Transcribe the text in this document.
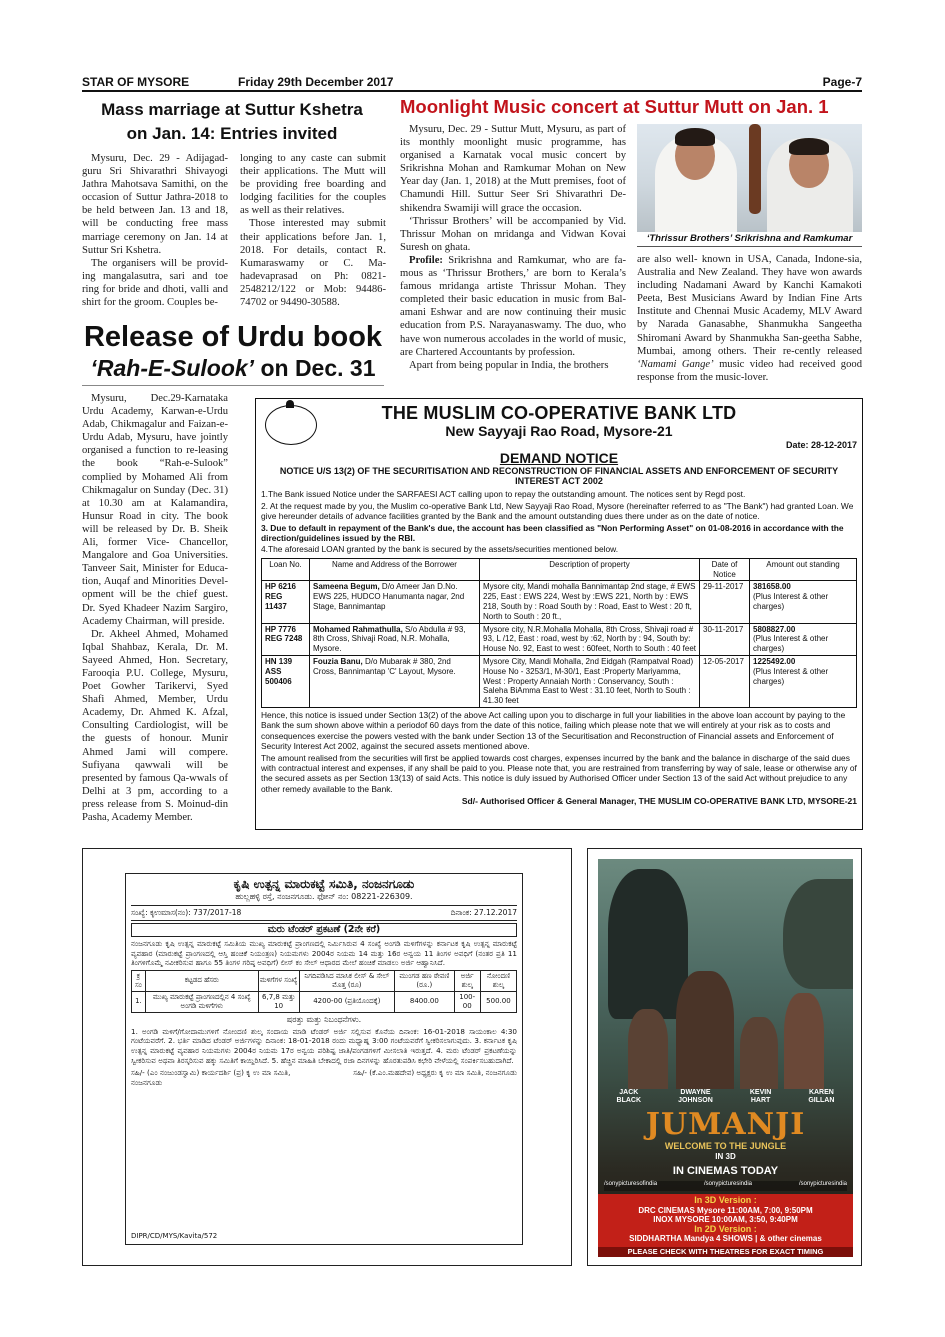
STAR OF MYSORE	Friday 29th December 2017	Page-7
Mass marriage at Suttur Kshetra
on Jan. 14: Entries invited

Mysuru, Dec. 29 - Adijagad-guru Sri Shivarathri Shivayogi Jathra Mahotsava Samithi, on the occasion of Suttur Jathra-2018 to be held between Jan. 13 and 18, will be conducting free mass marriage ceremony on Jan. 14 at Suttur Sri Kshetra.

The organisers will be provid-ing mangalasutra, sari and toe ring for bride and dhoti, valli and shirt for the groom. Couples be-

longing to any caste can submit their applications. The Mutt will be providing free boarding and lodging facilities for the couples as well as their relatives.

Those interested may submit their applications before Jan. 1, 2018. For details, contact R. Kumaraswamy or C. Ma-hadevaprasad on Ph: 0821-2548212/122 or Mob: 94486-74702 or 94490-30588.

Release of Urdu book
‘Rah-E-Sulook’ on Dec. 31

Mysuru, Dec.29-Karnataka Urdu Academy, Karwan-e-Urdu Adab, Chikmagalur and Faizan-e-Urdu Adab, Mysuru, have jointly organised a function to re-leasing the book “Rah-e-Sulook” complied by Mohamed Ali from Chikmagalur on Sunday (Dec. 31) at 10.30 am at Kalamandira, Hunsur Road in city. The book will be released by Dr. B. Sheik Ali, former Vice- Chancellor, Mangalore and Goa Universities. Tanveer Sait, Minister for Educa-tion, Auqaf and Minorities Devel-opment will be the chief guest. Dr. Syed Khadeer Nazim Sargiro, Academy Chairman, will preside.

Dr. Akheel Ahmed, Mohamed Iqbal Shahbaz, Kerala, Dr. M. Sayeed Ahmed, Hon. Secretary, Farooqia P.U. College, Mysuru, Poet Gowher Tarikervi, Syed Shafi Ahmed, Member, Urdu Academy, Dr. Ahmed K. Afzal, Consulting Cardiologist, will be the guests of honour. Munir Ahmed Jami will compere. Sufiyana qawwali will be presented by famous Qa-wwals of Delhi at 3 pm, according to a press release from S. Moinud-din Pasha, Academy Member.

Moonlight Music concert at Suttur Mutt on Jan. 1

Mysuru, Dec. 29 - Suttur Mutt, Mysuru, as part of its monthly moonlight music programme, has organised a Karnatak vocal music concert by Srikrishna Mohan and Ramkumar Mohan on New Year day (Jan. 1, 2018) at the Mutt premises, foot of Chamundi Hill. Suttur Seer Sri Shivarathri De-shikendra Swamiji will grace the occasion.

‘Thrissur Brothers’ will be accompanied by Vid. Thrissur Mohan on mridanga and Vidwan Kovai Suresh on ghata.

Profile: Srikrishna and Ramkumar, who are fa-mous as ‘Thrissur Brothers,’ are born to Kerala’s famous mridanga artiste Thrissur Mohan. They completed their basic education in music from Bal-amani Eshwar and are now continuing their music education from P.S. Narayanaswamy. The duo, who have won numerous accolades in the world of music, are Chartered Accountants by profession.

Apart from being popular in India, the brothers

‘Thrissur Brothers’ Srikrishna and Ramkumar

are also well- known in USA, Canada, Indone-sia, Australia and New Zealand. They have won awards including Nadamani Award by Kanchi Kamakoti Peeta, Best Musicians Award by Indian Fine Arts Institute and Chennai Music Academy, MLV Award by Narada Ganasabhe, Shanmukha Sangeetha Shiromani Award by Shanmukha San-geetha Sabhe, Mumbai, among others. Their re-cently released ‘Namami Gange’ music video had received good response from the music-lover.

THE MUSLIM CO-OPERATIVE BANK LTD
New Sayyaji Rao Road, Mysore-21
Date: 28-12-2017
DEMAND NOTICE
NOTICE U/S 13(2) OF THE SECURITISATION AND RECONSTRUCTION OF FINANCIAL ASSETS AND ENFORCEMENT OF SECURITY INTEREST ACT 2002

1.The Bank issued Notice under the SARFAESI ACT calling upon to repay the outstanding amount. The notices sent by Regd post.

2. At the request made by you, the Muslim co-operative Bank Ltd, New Sayyaji Rao Road, Mysore (hereinafter referred to as "The Bank") had granted Loan. We give hereunder details of advance facilities granted by the Bank and the amount outstanding dues there under as on the date of notice.

3. Due to default in repayment of the Bank's due, the account has been classified as "Non Performing Asset" on 01-08-2016 in accordance with the direction/guidelines issued by the RBI.

4.The aforesaid LOAN granted by the bank is secured by the assets/securities mentioned below.

Loan No.	Name and Address of the Borrower	Description of property	Date of Notice	Amount out standing
HP 6216 REG 11437	Sameena Begum, D/o Ameer Jan D.No. EWS 225, HUDCO Hanumanta nagar, 2nd Stage, Bannimantap	Mysore city, Mandi mohalla Bannimantap 2nd stage, # EWS 225, East : EWS 224, West by :EWS 221, North by : EWS 218, South by : Road South by : Road, East to West : 20 ft, North to South : 20 ft.,	29-11-2017	381658.00
(Plus Interest & other charges)
HP 7776 REG 7248	Mohamed Rahmathulla, S/o Abdulla # 93, 8th Cross, Shivaji Road, N.R. Mohalla, Mysore.	Mysore city, N.R.Mohalla Mohalla, 8th Cross, Shivaji road # 93, L /12, East : road, west by :62, North by : 94, South by: House No. 92, East to west : 60feet, North to South : 40 feet	30-11-2017	5808827.00
(Plus Interest & other charges)
HN 139 ASS 500406	Fouzia Banu, D/o Mubarak # 380, 2nd Cross, Bannimantap 'C' Layout, Mysore.	Mysore City, Mandi Mohalla, 2nd Eidgah (Rampatval Road) House No - 3253/1, M-30/1, East :Property Mariyamma, West : Property Annaiah North : Conservancy, South : Saleha BiAmma East to West : 31.10 feet, North to South : 41.30 feet	12-05-2017	1225492.00
(Plus Interest & other charges)

Hence, this notice is issued under Section 13(2) of the above Act calling upon you to discharge in full your liabilities in the above loan account by paying to the Bank the sum shown above within a periodof 60 days from the date of this notice, failing which please note that we will entirely at your risk as to costs and consequences exercise the powers vested with the bank under Section 13 of the Securitisation and Reconstruction of Financial assets and Enforcement of Security Interest Act 2002, against the secured assets mentioned above.

The amount realised from the securities will first be applied towards cost charges, expenses incurred by the bank and the balance in discharge of the said dues with contractual interest and expenses, if any shall be paid to you. Please note that, you are restrained from transferring by way of sale, lease or otherwise any of the secured assets as per Section 13(13) of said Acts. This notice is duly issued by Authorised Officer under Section 13 of the said Act without prejudice to any other remedy available to the Bank.

Sd/- Authorised Officer & General Manager, THE MUSLIM CO-OPERATIVE BANK LTD, MYSORE-21
ಕೃಷಿ ಉತ್ಪನ್ನ ಮಾರುಕಟ್ಟೆ ಸಮಿತಿ, ನಂಜನಗೂಡು
ಹುಲ್ಲಹಳ್ಳಿ ರಸ್ತೆ, ನಂಜನಗೂಡು. ಫೋನ್ ನಂ: 08221-226309.
ಸಂಖ್ಯೆ: ಕೃಉಮಾಸ(ನಂ): 737/2017-18	ದಿನಾಂಕ: 27.12.2017
ಮರು ಟೆಂಡರ್ ಪ್ರಕಟಣೆ (2ನೇ ಕರೆ)
ನಂಜನಗೂಡು ಕೃಷಿ ಉತ್ಪನ್ನ ಮಾರುಕಟ್ಟೆ ಸಮಿತಿಯ ಮುಖ್ಯ ಮಾರುಕಟ್ಟೆ ಪ್ರಾಂಗಣದಲ್ಲಿ ನಿರ್ಮಿಸಿರುವ 4 ಸಂಖ್ಯೆ ಅಂಗಡಿ ಮಳಿಗೆಗಳನ್ನು ಕರ್ನಾಟಕ ಕೃಷಿ ಉತ್ಪನ್ನ ಮಾರುಕಟ್ಟೆ ವ್ಯವಹಾರ (ಮಾರುಕಟ್ಟೆ ಪ್ರಾಂಗಣದಲ್ಲಿ ಆಸ್ತಿ ಹಂಚಿಕೆ ನಿಯಂತ್ರಣ) ನಿಯಮಗಳು 2004ರ ನಿಯಮ 14 ಮತ್ತು 16ರ ಅನ್ವಯ 11 ತಿಂಗಳ ಅವಧಿಗೆ (ನಂತರ ಪ್ರತಿ 11 ತಿಂಗಳಿಗೊಮ್ಮೆ ನವೀಕರಿಸುವ ಹಾಗೂ 55 ತಿಂಗಳ ಗರಿಷ್ಠ ಅವಧಿಗೆ) ಲೀಸ್ ಕಂ ಸೇಲ್ ಆಧಾರದ ಮೇಲೆ ಹಂಚಿಕೆ ಮಾಡಲು ಅರ್ಜಿ ಆಹ್ವಾನಿಸಿದೆ.
ಕ್ರ ಸಂ	ಕಟ್ಟಡದ ಹೆಸರು	ಮಳಿಗೆಗಳ ಸಂಖ್ಯೆ	ನಿಗದಿಪಡಿಸಿದ ಮಾಸಿಕ ಲೀಸ್ & ಸೇಲ್ ಮೊತ್ತ (ರೂ)	ಮುಂಗಡ ಹಣ ಠೇವಣಿ (ರೂ.)	ಅರ್ಜಿ ಶುಲ್ಕ	ನೋಂದಣಿ ಶುಲ್ಕ
1.	ಮುಖ್ಯ ಮಾರುಕಟ್ಟೆ ಪ್ರಾಂಗಣದಲ್ಲಿನ 4 ಸಂಖ್ಯೆ ಅಂಗಡಿ ಮಳಿಗೆಗಳು	6,7,8 ಮತ್ತು 10	4200-00 (ಪ್ರತಿಯೊಂದಕ್ಕೆ)	8400.00	100-00	500.00
ಷರತ್ತು ಮತ್ತು ನಿಬಂಧನೆಗಳು.
1. ಅಂಗಡಿ ಮಳಿಗೆ/ಗೋದಾಮುಗಳಿಗೆ ನೋಂದಣಿ ಶುಲ್ಕ ಸಂದಾಯ ಮಾಡಿ ಟೆಂಡರ್ ಅರ್ಜಿ ಸಲ್ಲಿಸುವ ಕೊನೆಯ ದಿನಾಂಕ: 16-01-2018 ಸಾಯಂಕಾಲ 4:30 ಗಂಟೆಯವರೆಗೆ. 2. ಭರ್ತಿ ಮಾಡಿದ ಟೆಂಡರ್ ಅರ್ಜಿಗಳನ್ನು ದಿನಾಂಕ: 18-01-2018 ರಂದು ಮಧ್ಯಾಹ್ನ 3:00 ಗಂಟೆಯವರೆಗೆ ಸ್ವೀಕರಿಸಲಾಗುವುದು. 3. ಕರ್ನಾಟಕ ಕೃಷಿ ಉತ್ಪನ್ನ ಮಾರುಕಟ್ಟೆ ವ್ಯವಹಾರ ನಿಯಮಗಳು 2004ರ ನಿಯಮ 17ರ ಅನ್ವಯ ಪರಿಶಿಷ್ಟ ಜಾತಿ/ಪಂಗಡಗಳಿಗೆ ಮೀಸಲಾತಿ ಇರುತ್ತದೆ. 4. ಮರು ಟೆಂಡರ್ ಪ್ರಕಟಣೆಯನ್ನು ಸ್ವೀಕರಿಸುವ ಅಥವಾ ತಿರಸ್ಕರಿಸುವ ಹಕ್ಕು ಸಮಿತಿಗೆ ಕಾಯ್ದಿರಿಸಿದೆ. 5. ಹೆಚ್ಚಿನ ಮಾಹಿತಿ ಬೇಕಾದಲ್ಲಿ ರಜಾ ದಿನಗಳನ್ನು ಹೊರತುಪಡಿಸಿ ಕಛೇರಿ ವೇಳೆಯಲ್ಲಿ ಸಂಪರ್ಕಿಸಬಹುದಾಗಿದೆ.
ಸಹಿ/- (ಎಂ ನಂಜುಂಡಸ್ವಾಮಿ) ಕಾರ್ಯದರ್ಶಿ (ಪ್ರ) ಕೃ ಉ ಮಾ ಸಮಿತಿ, ನಂಜನಗೂಡು
ಸಹಿ/- (ಕೆ.ಎಂ.ಮಹದೇವ) ಅಧ್ಯಕ್ಷರು ಕೃ ಉ ಮಾ ಸಮಿತಿ, ನಂಜನಗೂಡು
DIPR/CD/MYS/Kavita/572
JACK
BLACK
DWAYNE
JOHNSON
KEVIN
HART
KAREN
GILLAN
JUMANJI
WELCOME TO THE JUNGLE
IN 3D
IN CINEMAS TODAY
/sonypicturesofindia	/sonypicturesindia	/sonypicturesindia
In 3D Version :
DRC CINEMAS Mysore 11:00AM, 7:00, 9:50PM
INOX MYSORE 10:00AM, 3:50, 9:40PM
In 2D Version :
SIDDHARTHA Mandya 4 SHOWS | & other cinemas
PLEASE CHECK WITH THEATRES FOR EXACT TIMING
